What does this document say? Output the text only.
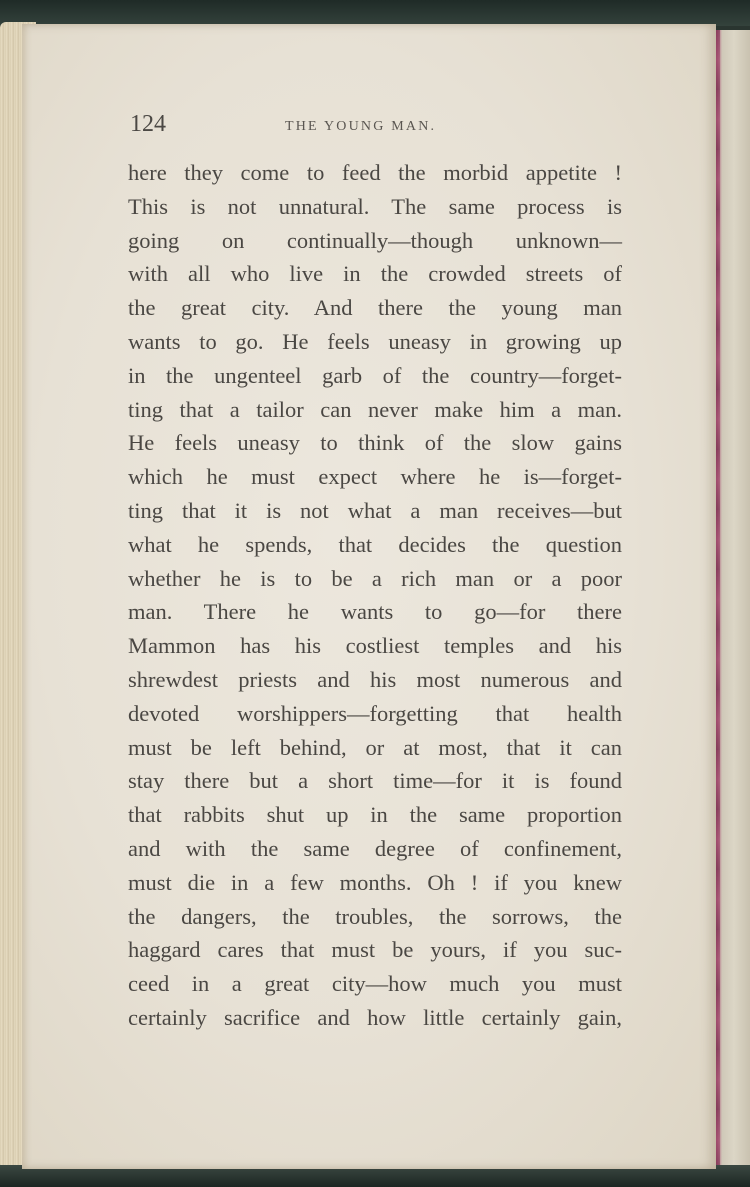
124	THE YOUNG MAN.
here they come to feed the morbid appetite !
This is not unnatural. The same process is
going on continually—though unknown—
with all who live in the crowded streets of
the great city. And there the young man
wants to go. He feels uneasy in growing up
in the ungenteel garb of the country—forget-
ting that a tailor can never make him a man.
He feels uneasy to think of the slow gains
which he must expect where he is—forget-
ting that it is not what a man receives—but
what he spends, that decides the question
whether he is to be a rich man or a poor
man. There he wants to go—for there
Mammon has his costliest temples and his
shrewdest priests and his most numerous and
devoted worshippers—forgetting that health
must be left behind, or at most, that it can
stay there but a short time—for it is found
that rabbits shut up in the same proportion
and with the same degree of confinement,
must die in a few months. Oh ! if you knew
the dangers, the troubles, the sorrows, the
haggard cares that must be yours, if you suc-
ceed in a great city—how much you must
certainly sacrifice and how little certainly gain,
